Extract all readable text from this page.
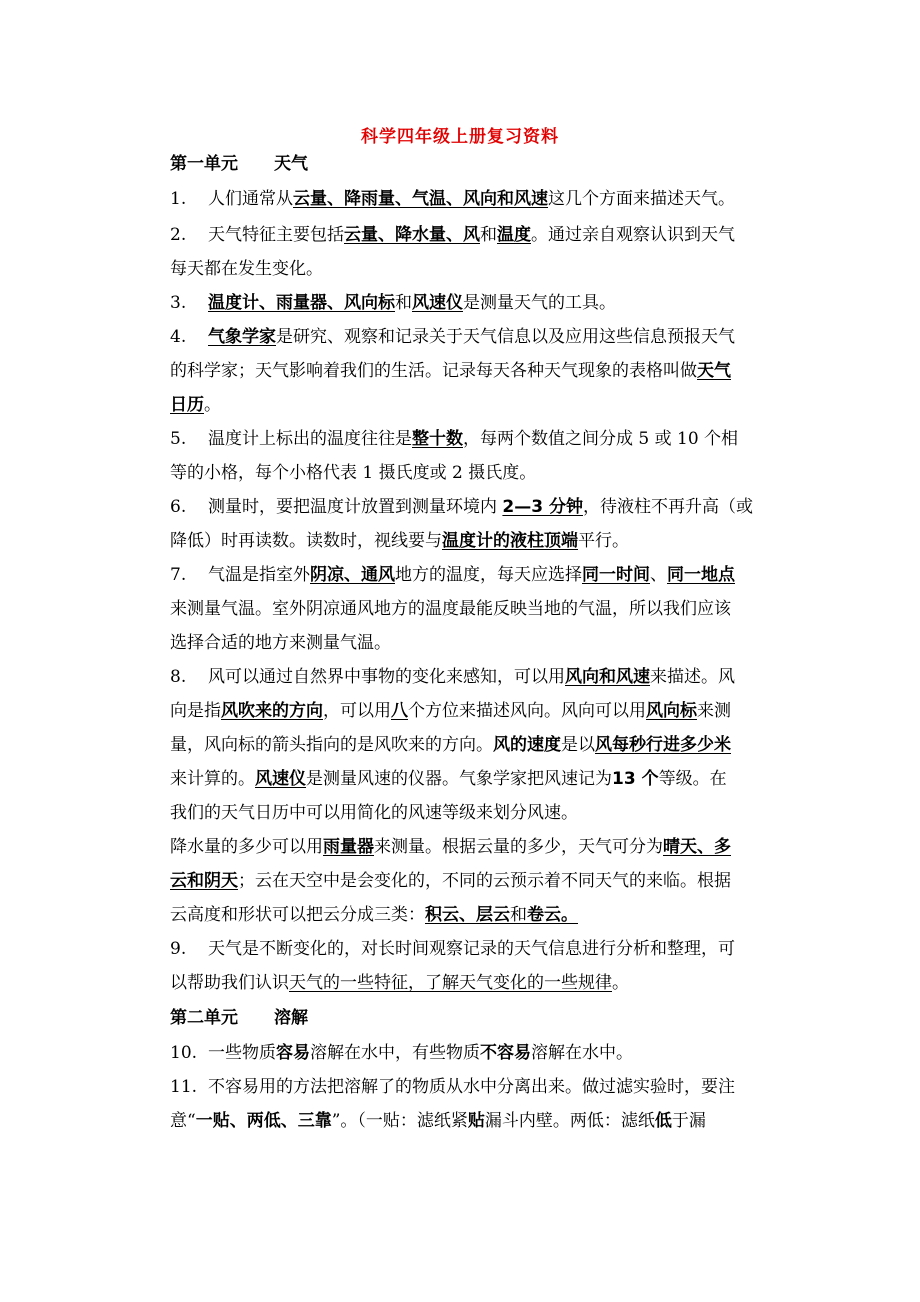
科学四年级上册复习资料
第一单元 天气
1. 人们通常从云量、降雨量、气温、风向和风速这几个方面来描述天气。
2. 天气特征主要包括云量、降水量、风和温度。通过亲自观察认识到天气
每天都在发生变化。
3. 温度计、雨量器、风向标和风速仪是测量天气的工具。
4. 气象学家是研究、观察和记录关于天气信息以及应用这些信息预报天气
的科学家；天气影响着我们的生活。记录每天各种天气现象的表格叫做天气
日历。
5. 温度计上标出的温度往往是整十数，每两个数值之间分成 5 或 10 个相
等的小格，每个小格代表 1 摄氏度或 2 摄氏度。
6. 测量时，要把温度计放置到测量环境内 2—3 分钟，待液柱不再升高（或
降低）时再读数。读数时，视线要与温度计的液柱顶端平行。
7. 气温是指室外阴凉、通风地方的温度，每天应选择同一时间、同一地点
来测量气温。室外阴凉通风地方的温度最能反映当地的气温，所以我们应该
选择合适的地方来测量气温。
8. 风可以通过自然界中事物的变化来感知，可以用风向和风速来描述。风
向是指风吹来的方向，可以用八个方位来描述风向。风向可以用风向标来测
量，风向标的箭头指向的是风吹来的方向。风的速度是以风每秒行进多少米
来计算的。风速仪是测量风速的仪器。气象学家把风速记为13 个等级。在
我们的天气日历中可以用简化的风速等级来划分风速。
降水量的多少可以用雨量器来测量。根据云量的多少，天气可分为晴天、多
云和阴天；云在天空中是会变化的，不同的云预示着不同天气的来临。根据
云高度和形状可以把云分成三类：积云、层云和卷云。
9. 天气是不断变化的，对长时间观察记录的天气信息进行分析和整理，可
以帮助我们认识天气的一些特征，了解天气变化的一些规律。
第二单元 溶解
10. 一些物质容易溶解在水中，有些物质不容易溶解在水中。
11. 不容易用的方法把溶解了的物质从水中分离出来。做过滤实验时，要注
意“一贴、两低、三靠”。（一贴：滤纸紧贴漏斗内壁。两低：滤纸低于漏
